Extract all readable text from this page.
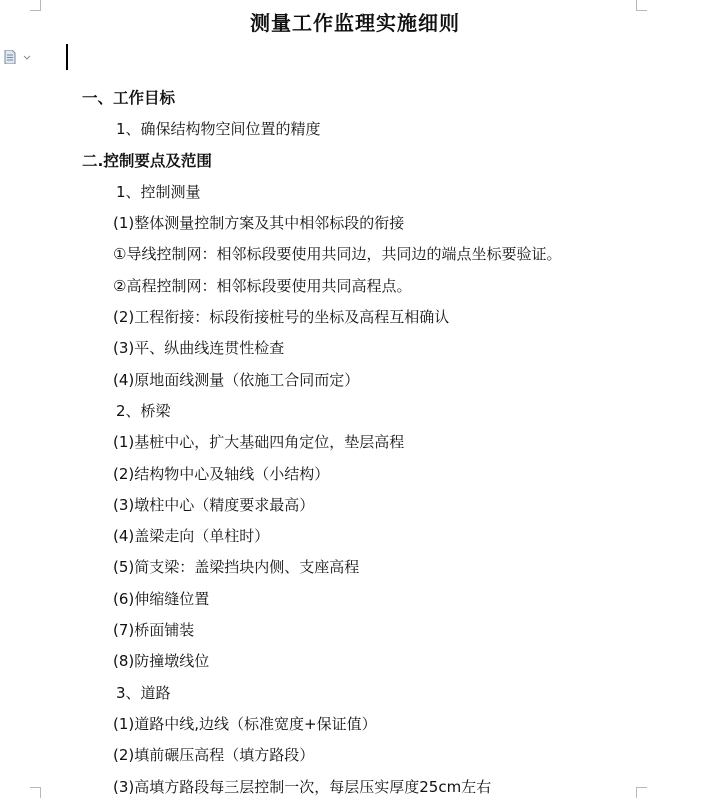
测量工作监理实施细则
一、工作目标
1、确保结构物空间位置的精度
二.控制要点及范围
1、控制测量
(1)整体测量控制方案及其中相邻标段的衔接
①导线控制网：相邻标段要使用共同边，共同边的端点坐标要验证。
②高程控制网：相邻标段要使用共同高程点。
(2)工程衔接：标段衔接桩号的坐标及高程互相确认
(3)平、纵曲线连贯性检查
(4)原地面线测量（依施工合同而定）
2、桥梁
(1)基桩中心，扩大基础四角定位，垫层高程
(2)结构物中心及轴线（小结构）
(3)墩柱中心（精度要求最高）
(4)盖梁走向（单柱时）
(5)简支梁：盖梁挡块内侧、支座高程
(6)伸缩缝位置
(7)桥面铺装
(8)防撞墩线位
3、道路
(1)道路中线,边线（标准宽度+保证值）
(2)填前碾压高程（填方路段）
(3)高填方路段每三层控制一次，每层压实厚度25cm左右
